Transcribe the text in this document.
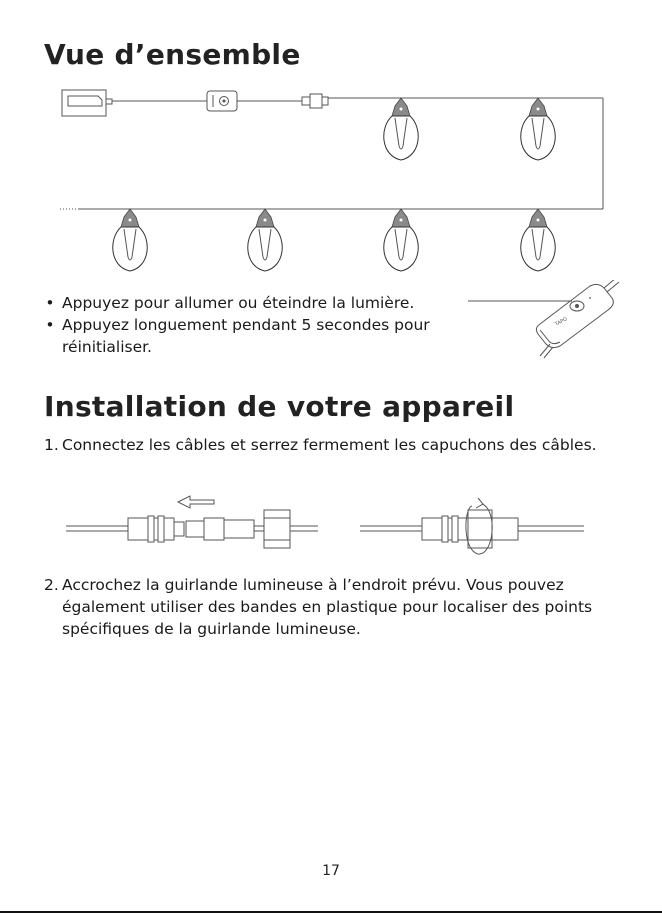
Vue d’ensemble
• Appuyez pour allumer ou éteindre la lumière.
• Appuyez longuement pendant 5 secondes pour réinitialiser.
TAPO
Installation de votre appareil

1. Connectez les câbles et serrez fermement les capuchons des câbles.

2. Accrochez la guirlande lumineuse à l’endroit prévu. Vous pouvez également utiliser des bandes en plastique pour localiser des points spécifiques de la guirlande lumineuse.

17
